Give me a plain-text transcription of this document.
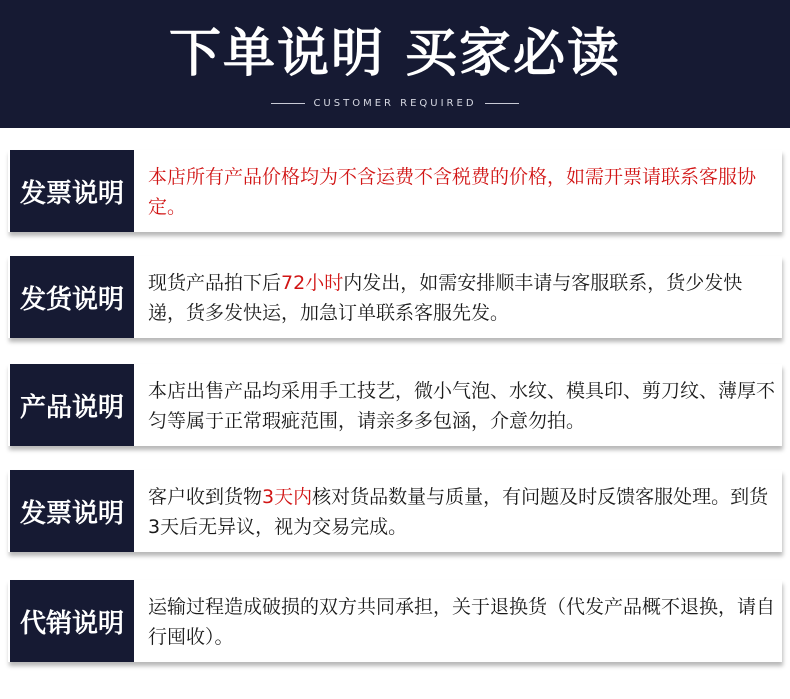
下单说明 买家必读
CUSTOMER REQUIRED
发票说明
本店所有产品价格均为不含运费不含税费的价格，如需开票请联系客服协定。
发货说明
现货产品拍下后72小时内发出，如需安排顺丰请与客服联系，货少发快递，货多发快运，加急订单联系客服先发。
产品说明
本店出售产品均采用手工技艺，微小气泡、水纹、模具印、剪刀纹、薄厚不匀等属于正常瑕疵范围，请亲多多包涵，介意勿拍。
发票说明
客户收到货物3天内核对货品数量与质量，有问题及时反馈客服处理。到货3天后无异议，视为交易完成。
代销说明
运输过程造成破损的双方共同承担，关于退换货（代发产品概不退换，请自行囤收）。
